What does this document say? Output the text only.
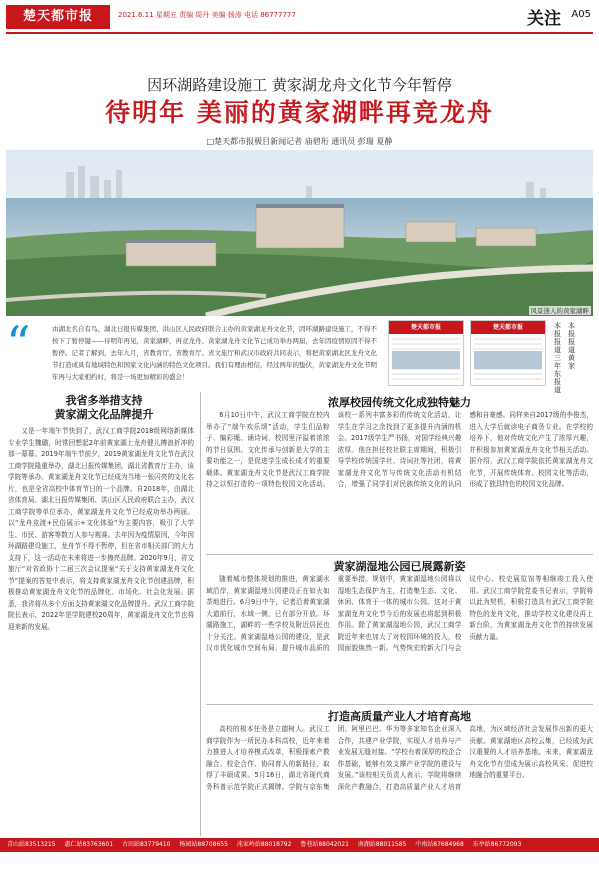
楚天都市报	2021.6.11 星期五 责编 周丹 美编 杨涛 电话 86777777	关注 A05
因环湖路建设施工 黄家湖龙舟文化节今年暂停
待明年 美丽的黄家湖畔再竞龙舟
□楚天都市报极目新闻记者 庙碧珩 通讯员 彭瑞 夏静
风景迷人的黄家湖畔
“	由湖北名自有鸟、湖北日报传媒集团、洪山区人民政府联合主办的黄家湖龙舟文化节，因环湖路建设施工，不得不按下了暂停键——待明年再见，黄家湖畔，再竞龙舟。黄家湖龙舟文化节已成功举办两届，去年因疫情原因不得不暂停。记者了解到，去年九月，省教育厅、省教育厅、省文旅厅和武汉市政府共同表示，将把黄家湖北区龙舟文化节打造成具有地域特色和国家文化内涵的特色文化项目。我们有理由相信，经过两年的蛰伏，黄家湖龙舟文化节明年再与大家相约时，将是一场更加精彩的盛会！
楚天都市报	楚天都市报	本报报道三年东报道
本报报道黄家
我省多举措支持
黄家湖文化品牌提升

又是一年端午节快到了，武汉工商学院2018级网络新媒体专业学生魏璐，时常回想起2年前黄家湖上龙舟健儿搏浪折冲的那一幕幕。2019年端午节前夕，2019黄家湖龙舟文化节在武汉工商学院隆重举办，湖北日报传媒集团，湖北省教育厅主办，该学院等承办。黄家湖龙舟文化节已经成为当地一张闪亮的文化名片，也是全省高校中体育节日的一个品牌。自2018年，由湖北省体育局、湖北日报传媒集团、洪山区人民政府联合主办，武汉工商学院等单位承办，黄家湖龙舟文化节已经成功举办两届。以“龙舟竞渡+民俗展示+文化体验”为主要内容，吸引了大学生、市民、游客等数万人参与观赛。去年因为疫情原因，今年因环湖路建设施工，龙舟节不得不暂停，但在省市相关部门的大力支持下，这一活动在未来将进一步擦亮品牌。2020年9月，省文旅厅“对省政协十二届三次会议提案“关于支持黄家湖龙舟文化节”提案的答复中表示，将支持黄家湖龙舟文化节创建品牌，积极推动黄家湖龙舟文化节的品牌化、市场化、社会化发展。据悉，我省将从多个方面支持黄家湖文化品牌提升。武汉工商学院院长表示，2022年是学院建校20周年，黄家湖龙舟文化节也将迎来新的发展。

浓厚校园传统文化成独特魅力

6月10日中午，武汉工商学院在校内举办了“端午欢乐颂”活动，学生们品粽子、编彩绳、诵诗词，校园里洋溢着浓浓的节日氛围。文化传承与创新是大学的主要功能之一，是促进学生成长成才的重要载体。黄家湖龙舟文化节是武汉工商学院持之以恒打造的一项特色校园文化活动。该校一系列丰富多彩的传统文化活动，让学生在学习之余找到了更多提升内涵的机会。2017级学生严书扬，对国学经典兴趣浓厚。他在担任校社联主席期间，积极引导学校传统国学社、诗词社等社团，将黄家湖龙舟文化节与传统文化活动有机结合，增强了同学们对民族传统文化的认同感和自豪感。同样来自2017级的李俊杰，进入大学后就读电子商务专业。在学校的培养下，他对传统文化产生了浓厚兴趣，并积极参加黄家湖龙舟文化节相关活动。据介绍，武汉工商学院依托黄家湖龙舟文化节，开展传统体育、校园文化等活动，形成了独具特色的校园文化品牌。

黄家湖湿地公园已展露新姿

随着城市整体规划的推进，黄家湖水域沿岸，黄家湖湿地公园建设正在如火如荼地进行。6月9日中午，记者沿着黄家湖大道前行，水域一侧，已有部分开放。环湖路施工，湖畔的一些学校及附近居民也十分关注。黄家湖湿地公园的建设，是武汉市优化城市空间布局、提升城市品质的重要举措。规划中，黄家湖湿地公园将以湿地生态保护为主，打造集生态、文化、休闲、体育于一体的城市公园。这对于黄家湖龙舟文化节今后的发展也将起到积极作用。除了黄家湖湿地公园，武汉工商学院近年来也加大了对校园环境的投入，校园面貌焕然一新。气势恢宏的新大门与会议中心、校史展览馆等相继竣工投入使用。武汉工商学院党委书记表示，学院将以此为契机，积极打造具有武汉工商学院特色的龙舟文化，推动学校文化建设再上新台阶，为黄家湖龙舟文化节的持续发展贡献力量。

打造高质量产业人才培育高地

高校的根本任务是立德树人。武汉工商学院作为一所民办本科高校，近年来着力推进人才培养模式改革，积极探索产教融合、校企合作、协同育人的新路径，取得了丰硕成果。5月16日，湖北省现代商务科普示范学院正式揭牌。学院与京东集团、阿里巴巴、华为等多家知名企业深入合作，共建产业学院，实现人才培养与产业发展无缝对接。“学校有着深厚的校企合作基础，能够有效支撑产业学院的建设与发展。”该校相关负责人表示，学院将继续深化产教融合，打造高质量产业人才培育高地，为区域经济社会发展作出新的更大贡献。黄家湖地区高校云集，已经成为武汉重要的人才培养基地。未来，黄家湖龙舟文化节有望成为展示高校风采、促进校地融合的重要平台。

青山站83513215 惠仁站83763601 古田站83779410 杨园站88708655 沌家岭站88018792 鲁巷站88042021 南湖站88011585 中南站87684968 东亭站86772093
